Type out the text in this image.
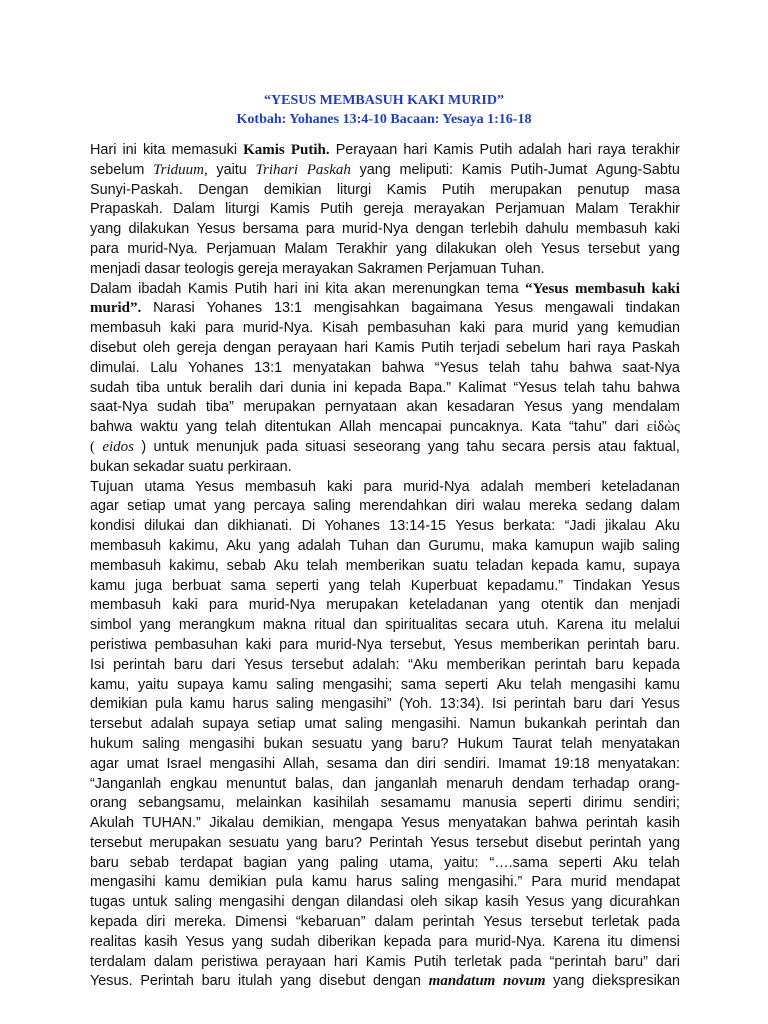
“YESUS MEMBASUH KAKI MURID”
Kotbah: Yohanes 13:4-10 Bacaan: Yesaya 1:16-18
Hari ini kita memasuki Kamis Putih. Perayaan hari Kamis Putih adalah hari raya terakhir
sebelum Triduum, yaitu Trihari Paskah yang meliputi: Kamis Putih-Jumat Agung-Sabtu
Sunyi-Paskah. Dengan demikian liturgi Kamis Putih merupakan penutup masa
Prapaskah. Dalam liturgi Kamis Putih gereja merayakan Perjamuan Malam Terakhir
yang dilakukan Yesus bersama para murid-Nya dengan terlebih dahulu membasuh kaki
para murid-Nya. Perjamuan Malam Terakhir yang dilakukan oleh Yesus tersebut yang
menjadi dasar teologis gereja merayakan Sakramen Perjamuan Tuhan.
Dalam ibadah Kamis Putih hari ini kita akan merenungkan tema “Yesus membasuh kaki
murid”. Narasi Yohanes 13:1 mengisahkan bagaimana Yesus mengawali tindakan
membasuh kaki para murid-Nya. Kisah pembasuhan kaki para murid yang kemudian
disebut oleh gereja dengan perayaan hari Kamis Putih terjadi sebelum hari raya Paskah
dimulai. Lalu Yohanes 13:1 menyatakan bahwa “Yesus telah tahu bahwa saat-Nya
sudah tiba untuk beralih dari dunia ini kepada Bapa.” Kalimat “Yesus telah tahu bahwa
saat-Nya sudah tiba” merupakan pernyataan akan kesadaran Yesus yang mendalam
bahwa waktu yang telah ditentukan Allah mencapai puncaknya. Kata “tahu” dari εἰδὼς
( eidos ) untuk menunjuk pada situasi seseorang yang tahu secara persis atau faktual,
bukan sekadar suatu perkiraan.
Tujuan utama Yesus membasuh kaki para murid-Nya adalah memberi keteladanan
agar setiap umat yang percaya saling merendahkan diri walau mereka sedang dalam
kondisi dilukai dan dikhianati. Di Yohanes 13:14-15 Yesus berkata: “Jadi jikalau Aku
membasuh kakimu, Aku yang adalah Tuhan dan Gurumu, maka kamupun wajib saling
membasuh kakimu, sebab Aku telah memberikan suatu teladan kepada kamu, supaya
kamu juga berbuat sama seperti yang telah Kuperbuat kepadamu.” Tindakan Yesus
membasuh kaki para murid-Nya merupakan keteladanan yang otentik dan menjadi
simbol yang merangkum makna ritual dan spiritualitas secara utuh. Karena itu melalui
peristiwa pembasuhan kaki para murid-Nya tersebut, Yesus memberikan perintah baru.
Isi perintah baru dari Yesus tersebut adalah: “Aku memberikan perintah baru kepada
kamu, yaitu supaya kamu saling mengasihi; sama seperti Aku telah mengasihi kamu
demikian pula kamu harus saling mengasihi” (Yoh. 13:34). Isi perintah baru dari Yesus
tersebut adalah supaya setiap umat saling mengasihi. Namun bukankah perintah dan
hukum saling mengasihi bukan sesuatu yang baru? Hukum Taurat telah menyatakan
agar umat Israel mengasihi Allah, sesama dan diri sendiri. Imamat 19:18 menyatakan:
“Janganlah engkau menuntut balas, dan janganlah menaruh dendam terhadap orang-
orang sebangsamu, melainkan kasihilah sesamamu manusia seperti dirimu sendiri;
Akulah TUHAN.” Jikalau demikian, mengapa Yesus menyatakan bahwa perintah kasih
tersebut merupakan sesuatu yang baru? Perintah Yesus tersebut disebut perintah yang
baru sebab terdapat bagian yang paling utama, yaitu: “….sama seperti Aku telah
mengasihi kamu demikian pula kamu harus saling mengasihi.” Para murid mendapat
tugas untuk saling mengasihi dengan dilandasi oleh sikap kasih Yesus yang dicurahkan
kepada diri mereka. Dimensi “kebaruan” dalam perintah Yesus tersebut terletak pada
realitas kasih Yesus yang sudah diberikan kepada para murid-Nya. Karena itu dimensi
terdalam dalam peristiwa perayaan hari Kamis Putih terletak pada “perintah baru” dari
Yesus. Perintah baru itulah yang disebut dengan mandatum novum yang diekspresikan
